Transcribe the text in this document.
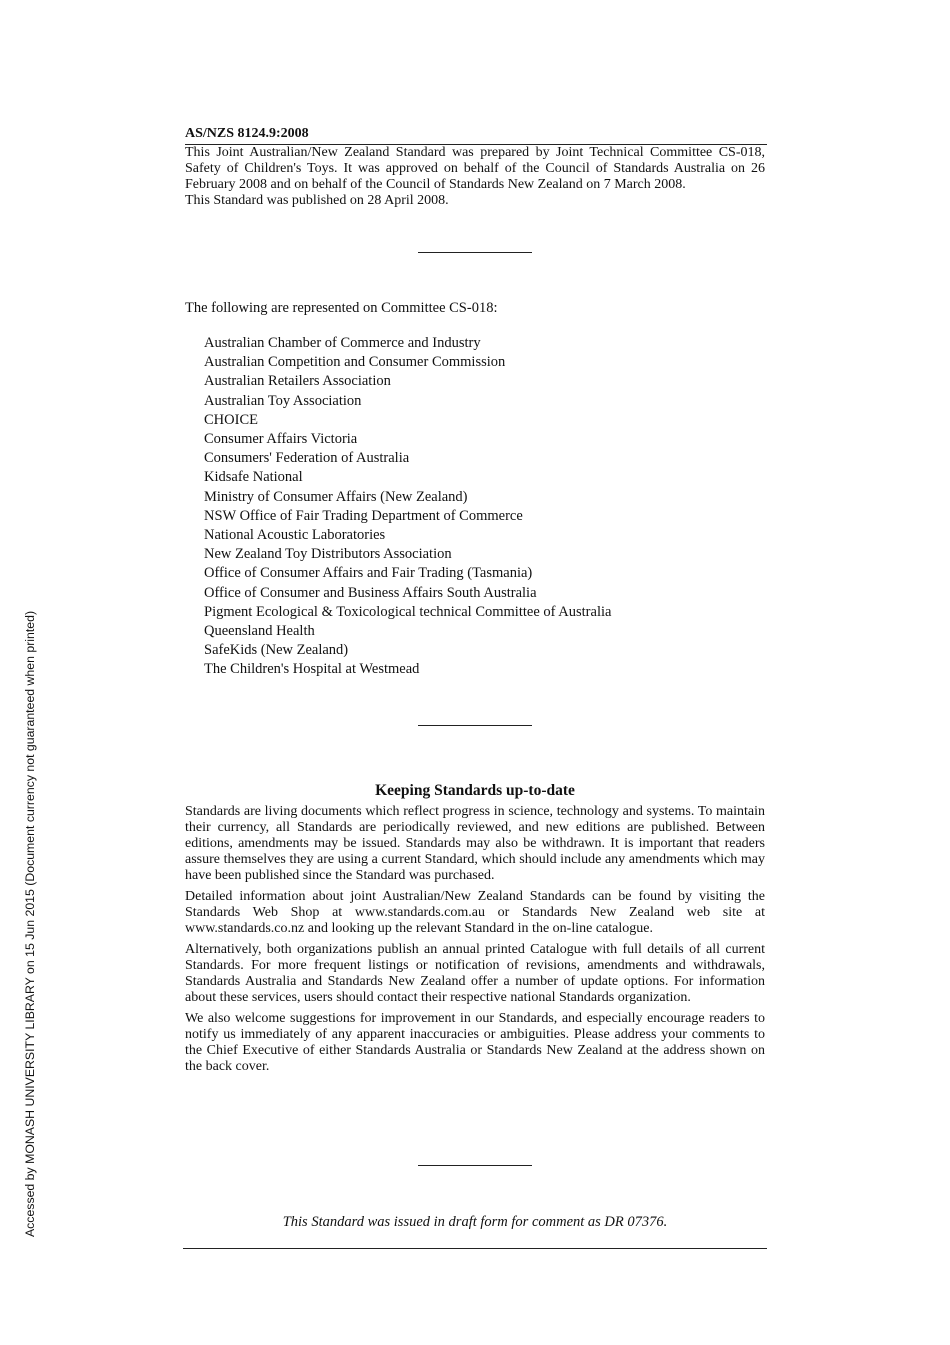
Accessed by MONASH UNIVERSITY LIBRARY on 15 Jun 2015 (Document currency not guaranteed when printed)
AS/NZS 8124.9:2008

This Joint Australian/New Zealand Standard was prepared by Joint Technical Committee CS-018, Safety of Children's Toys. It was approved on behalf of the Council of Standards Australia on 26 February 2008 and on behalf of the Council of Standards New Zealand on 7 March 2008.

This Standard was published on 28 April 2008.

The following are represented on Committee CS-018:
Australian Chamber of Commerce and Industry
Australian Competition and Consumer Commission
Australian Retailers Association
Australian Toy Association
CHOICE
Consumer Affairs Victoria
Consumers' Federation of Australia
Kidsafe National
Ministry of Consumer Affairs (New Zealand)
NSW Office of Fair Trading Department of Commerce
National Acoustic Laboratories
New Zealand Toy Distributors Association
Office of Consumer Affairs and Fair Trading (Tasmania)
Office of Consumer and Business Affairs South Australia
Pigment Ecological & Toxicological technical Committee of Australia
Queensland Health
SafeKids (New Zealand)
The Children's Hospital at Westmead
Keeping Standards up-to-date

Standards are living documents which reflect progress in science, technology and systems. To maintain their currency, all Standards are periodically reviewed, and new editions are published. Between editions, amendments may be issued. Standards may also be withdrawn. It is important that readers assure themselves they are using a current Standard, which should include any amendments which may have been published since the Standard was purchased.

Detailed information about joint Australian/New Zealand Standards can be found by visiting the Standards Web Shop at www.standards.com.au or Standards New Zealand web site at www.standards.co.nz and looking up the relevant Standard in the on-line catalogue.

Alternatively, both organizations publish an annual printed Catalogue with full details of all current Standards. For more frequent listings or notification of revisions, amendments and withdrawals, Standards Australia and Standards New Zealand offer a number of update options. For information about these services, users should contact their respective national Standards organization.

We also welcome suggestions for improvement in our Standards, and especially encourage readers to notify us immediately of any apparent inaccuracies or ambiguities. Please address your comments to the Chief Executive of either Standards Australia or Standards New Zealand at the address shown on the back cover.

This Standard was issued in draft form for comment as DR 07376.
